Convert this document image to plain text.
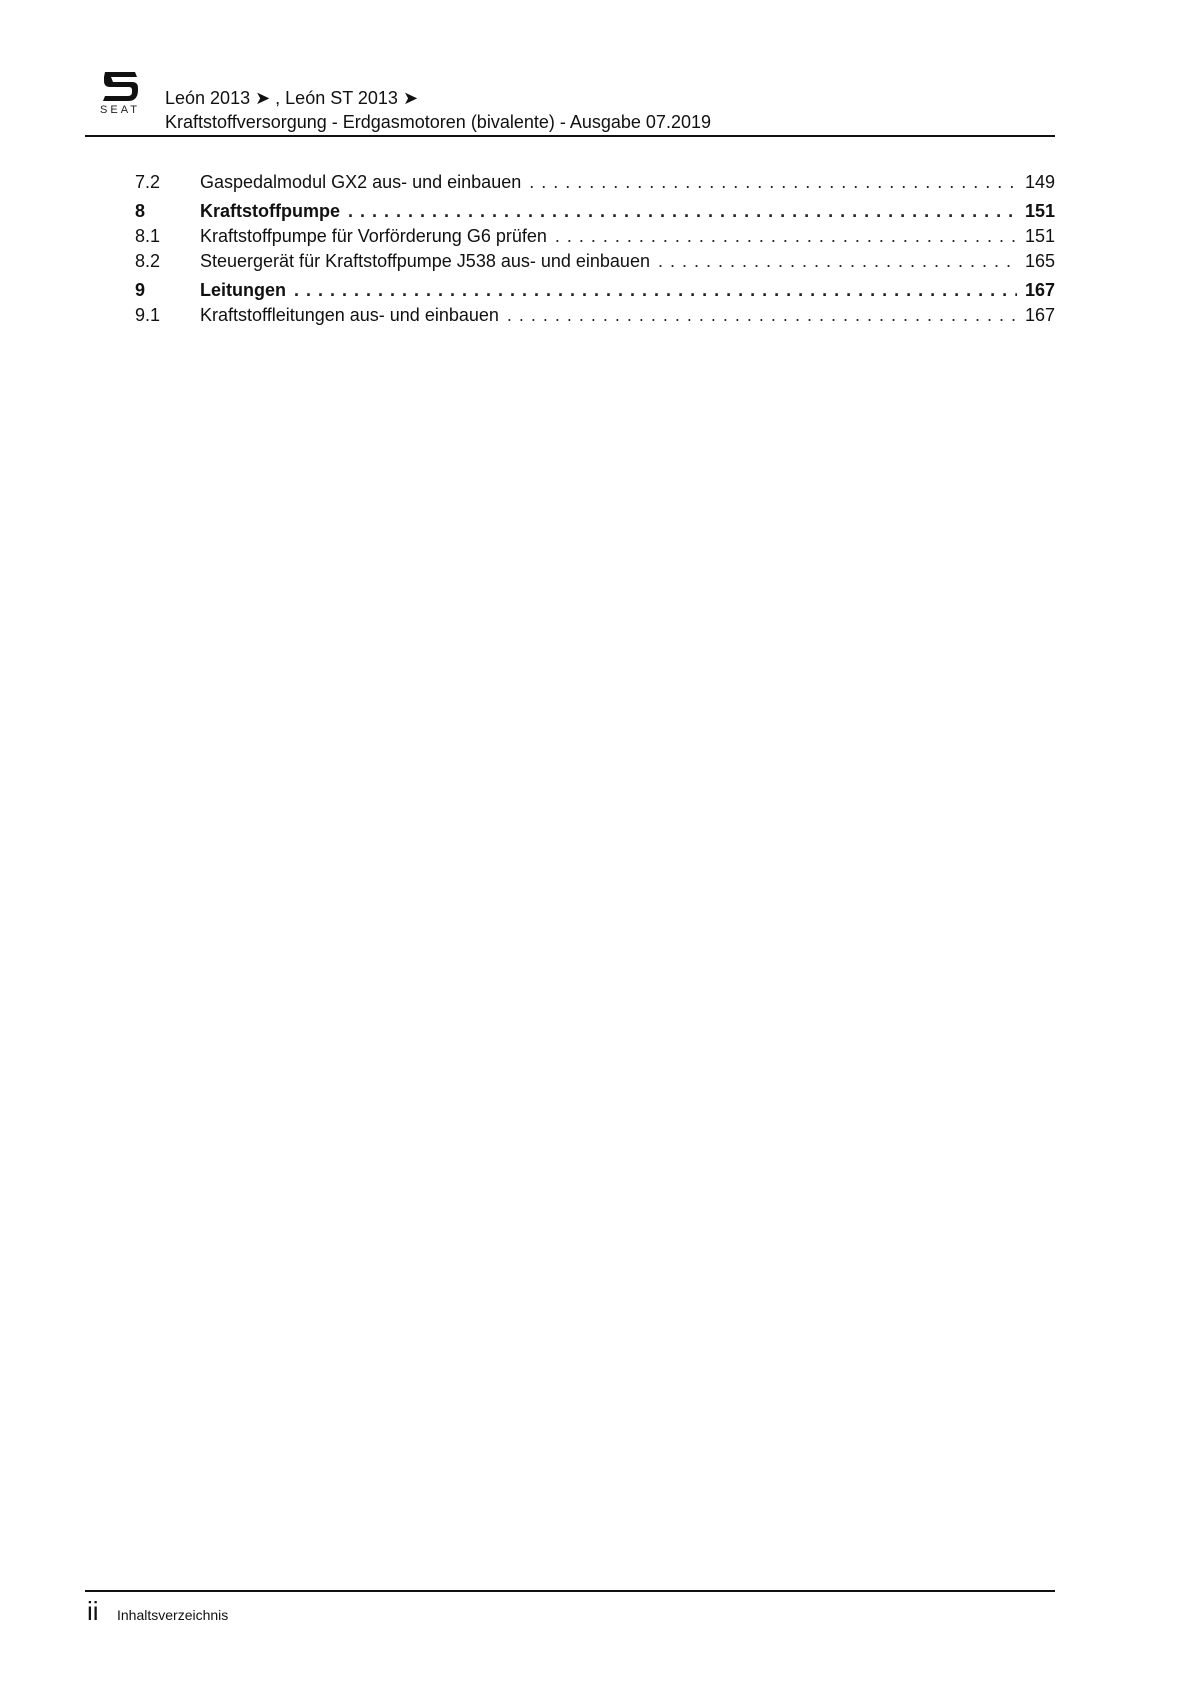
SEAT
León 2013 ➤ , León ST 2013 ➤
Kraftstoffversorgung - Erdgasmotoren (bivalente) - Ausgabe 07.2019
7.2	Gaspedalmodul GX2 aus- und einbauen . . .	149
8	Kraftstoffpumpe . . .	151
8.1	Kraftstoffpumpe für Vorförderung G6 prüfen . . .	151
8.2	Steuergerät für Kraftstoffpumpe J538 aus- und einbauen . . .	165
9	Leitungen . . .	167
9.1	Kraftstoffleitungen aus- und einbauen . . .	167
ii Inhaltsverzeichnis
